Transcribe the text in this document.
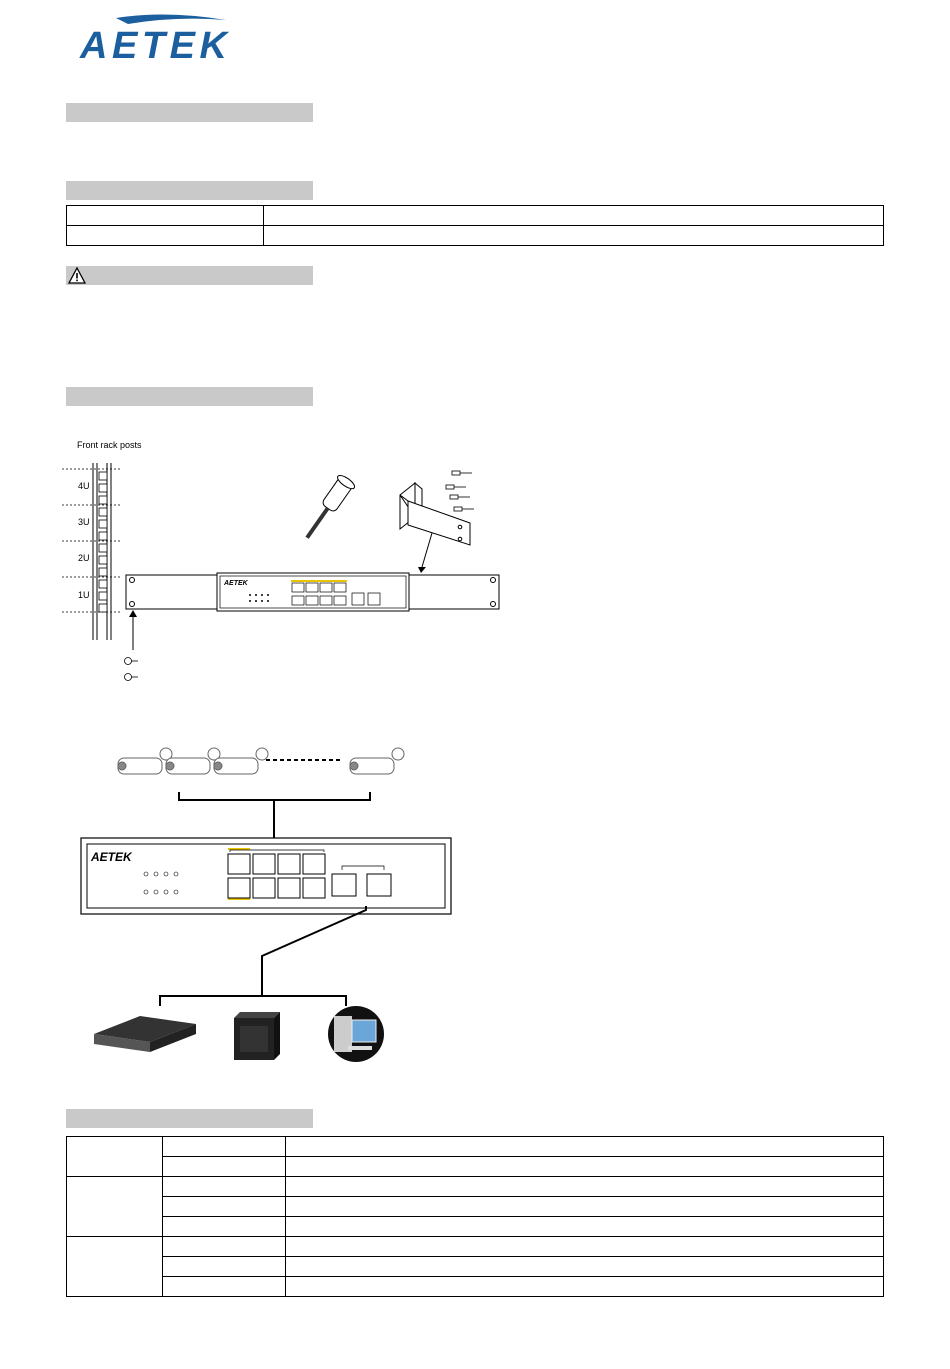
AETEK

Front rack posts
4U
3U
2U
1U
AETEK
AETEK
